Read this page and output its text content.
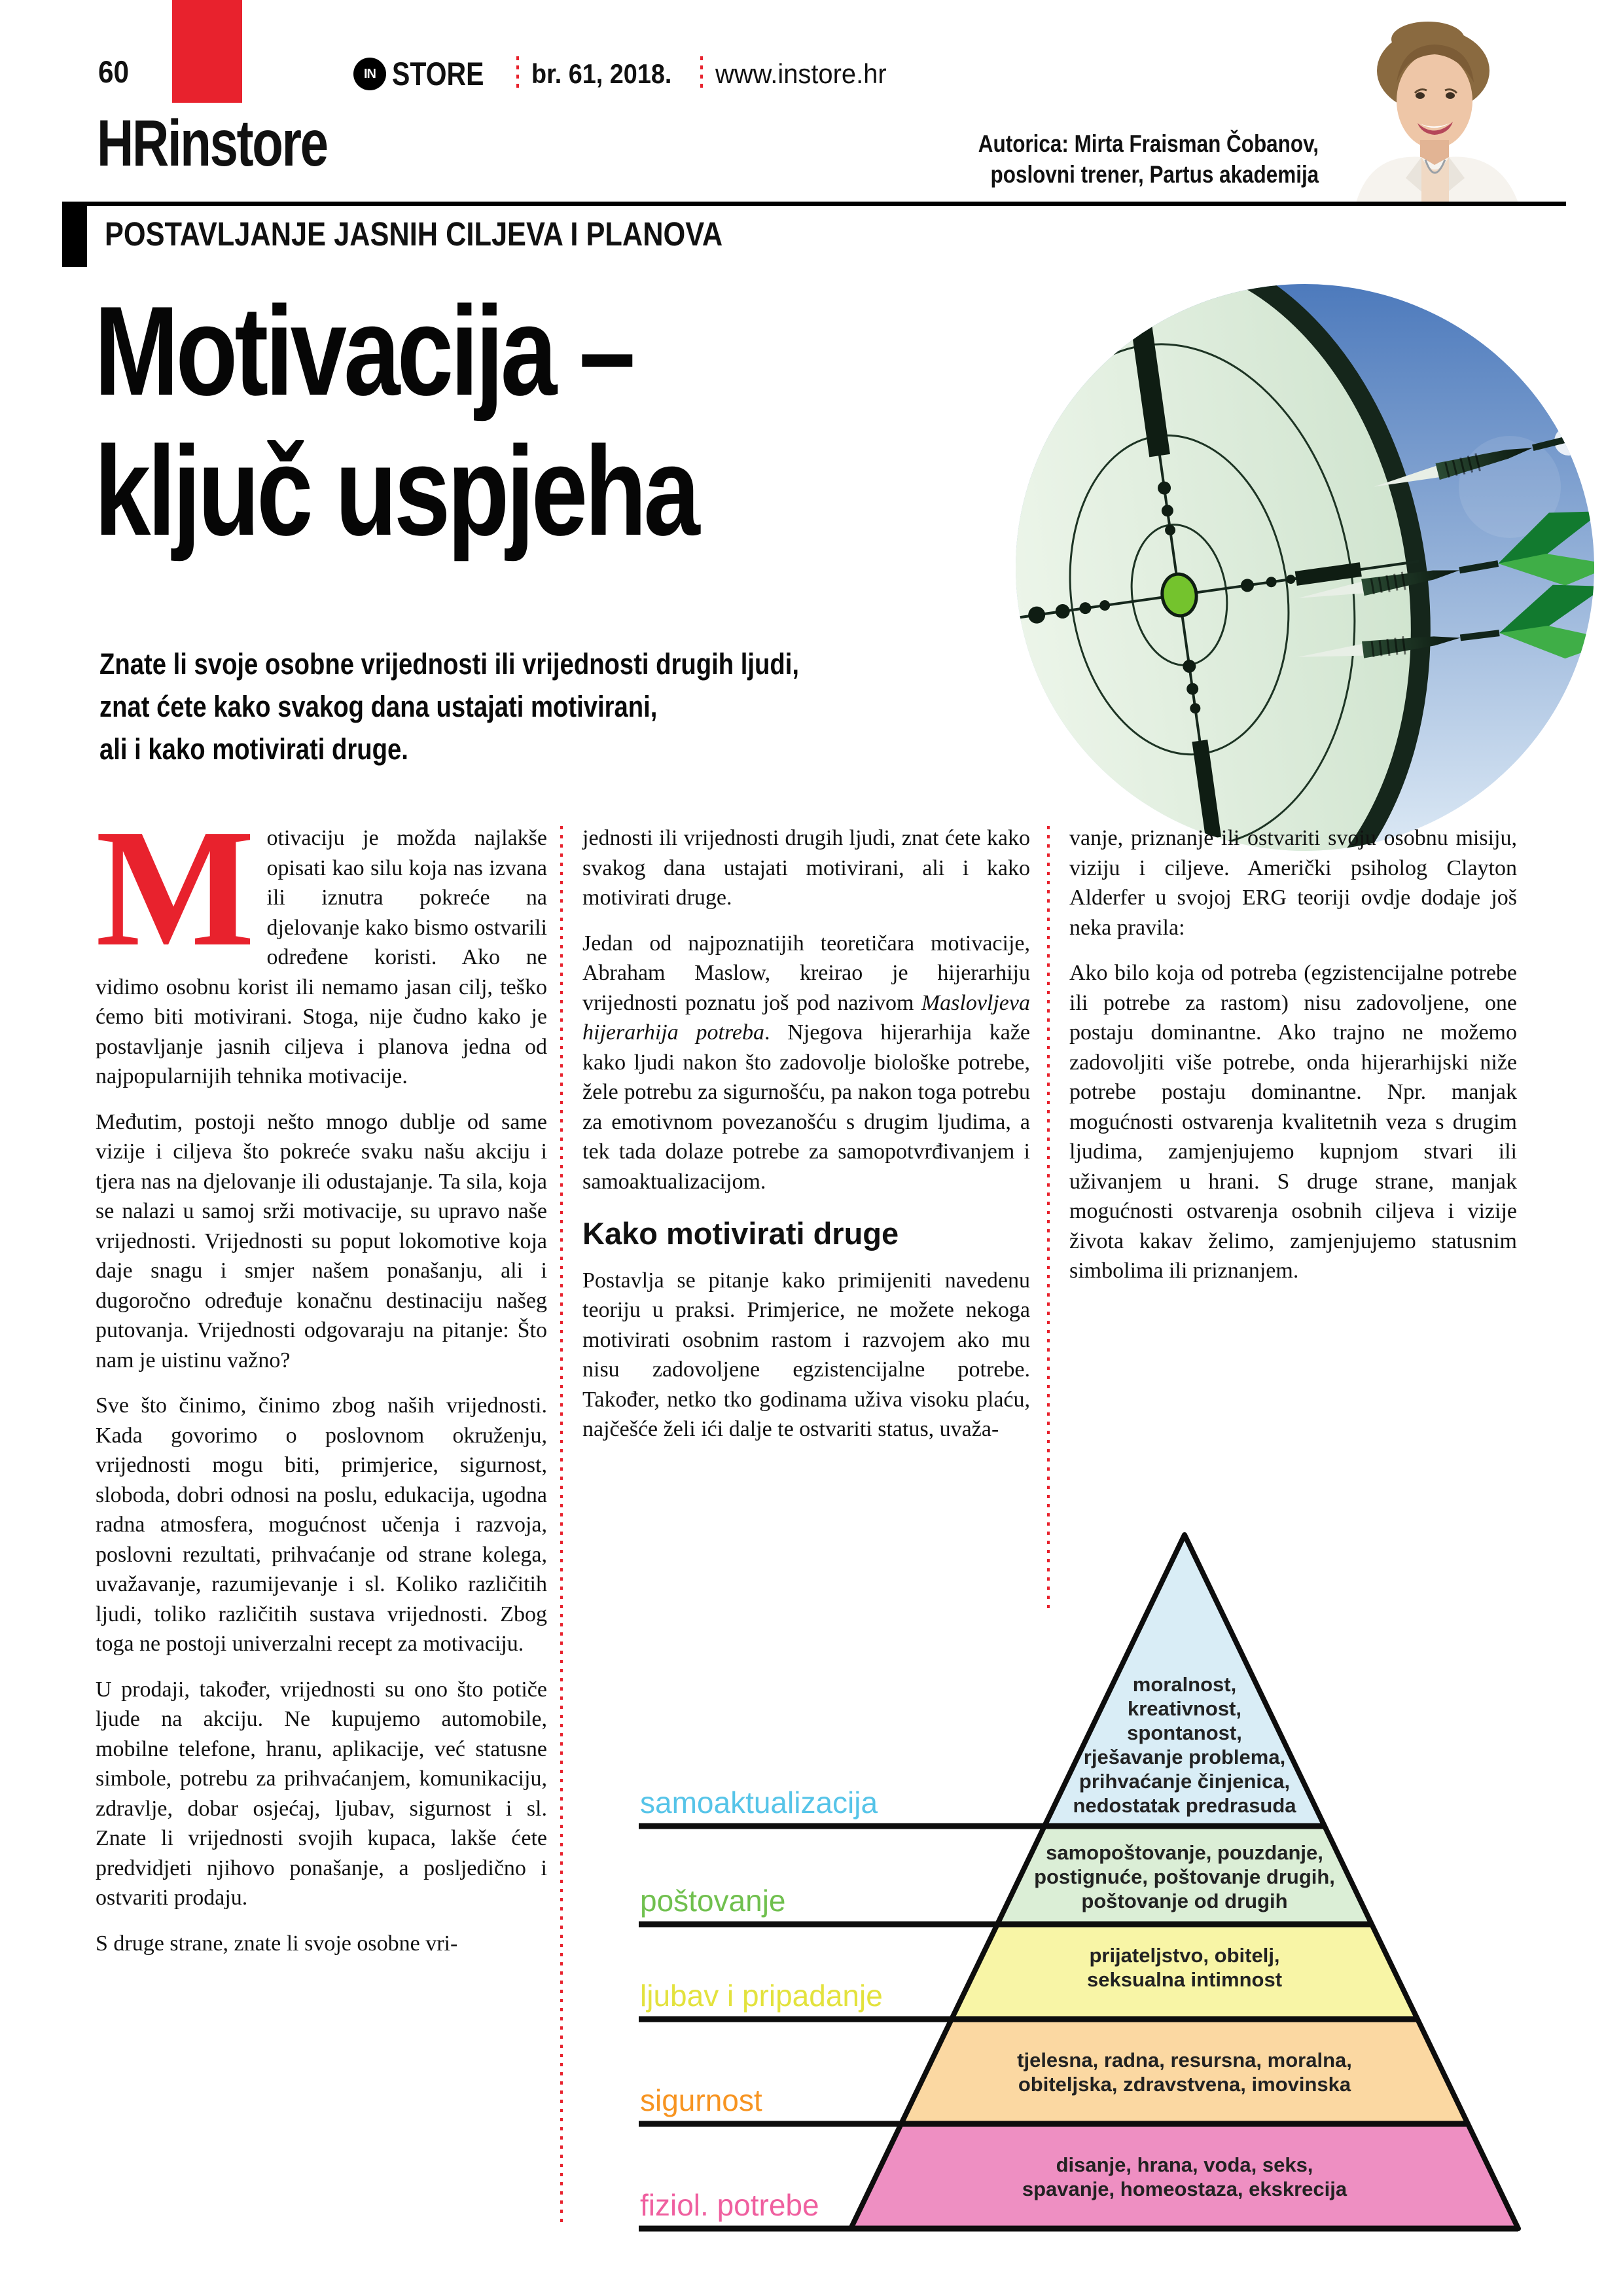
60	IN STORE br. 61, 2018. www.instore.hr
HRinstore	Autorica: Mirta Fraisman Čobanov,
poslovni trener, Partus akademija
POSTAVLJANJE JASNIH CILJEVA I PLANOVA
Motivacija –
ključ uspjeha
Znate li svoje osobne vrijednosti ili vrijednosti drugih ljudi,
znat ćete kako svakog dana ustajati motivirani,
ali i kako motivirati druge.

Motivaciju je možda najlakše opisati kao silu koja nas izvana ili iznutra pokreće na djelovanje kako bismo ostvarili određene koristi. Ako ne vidimo osobnu korist ili nemamo jasan cilj, teško ćemo biti motivirani. Stoga, nije čudno kako je postavljanje jasnih ciljeva i planova jedna od najpopularnijih tehnika motivacije.

Međutim, postoji nešto mnogo dublje od same vizije i ciljeva što pokreće svaku našu akciju i tjera nas na djelovanje ili odustajanje. Ta sila, koja se nalazi u samoj srži motivacije, su upravo naše vrijednosti. Vrijednosti su poput lokomotive koja daje snagu i smjer našem ponašanju, ali i dugoročno određuje konačnu destinaciju našeg putovanja. Vrijednosti odgovaraju na pitanje: Što nam je uistinu važno?

Sve što činimo, činimo zbog naših vrijednosti. Kada govorimo o poslovnom okruženju, vrijednosti mogu biti, primjerice, sigurnost, sloboda, dobri odnosi na poslu, edukacija, ugodna radna atmosfera, mogućnost učenja i razvoja, poslovni rezultati, prihvaćanje od strane kolega, uvažavanje, razumijevanje i sl. Koliko različitih ljudi, toliko različitih sustava vrijednosti. Zbog toga ne postoji univerzalni recept za motivaciju.

U prodaji, također, vrijednosti su ono što potiče ljude na akciju. Ne kupujemo automobile, mobilne telefone, hranu, aplikacije, već statusne simbole, potrebu za prihvaćanjem, komunikaciju, zdravlje, dobar osjećaj, ljubav, sigurnost i sl. Znate li vrijednosti svojih kupaca, lakše ćete predvidjeti njihovo ponašanje, a posljedično i ostvariti prodaju.

S druge strane, znate li svoje osobne vri-

jednosti ili vrijednosti drugih ljudi, znat ćete kako svakog dana ustajati motivirani, ali i kako motivirati druge.

Jedan od najpoznatijih teoretičara motivacije, Abraham Maslow, kreirao je hijerarhiju vrijednosti poznatu još pod nazivom Maslovljeva hijerarhija potreba. Njegova hijerarhija kaže kako ljudi nakon što zadovolje biološke potrebe, žele potrebu za sigurnošću, pa nakon toga potrebu za emotivnom povezanošću s drugim ljudima, a tek tada dolaze potrebe za samopotvrđivanjem i samoaktualizacijom.

Kako motivirati druge

Postavlja se pitanje kako primijeniti navedenu teoriju u praksi. Primjerice, ne možete nekoga motivirati osobnim rastom i razvojem ako mu nisu zadovoljene egzistencijalne potrebe. Također, netko tko godinama uživa visoku plaću, najčešće želi ići dalje te ostvariti status, uvaža-

vanje, priznanje ili ostvariti svoju osobnu misiju, viziju i ciljeve. Američki psiholog Clayton Alderfer u svojoj ERG teoriji ovdje dodaje još neka pravila:

Ako bilo koja od potreba (egzistencijalne potrebe ili potrebe za rastom) nisu zadovoljene, one postaju dominantne. Ako trajno ne možemo zadovoljiti više potrebe, onda hijerarhijski niže potrebe postaju dominantne. Npr. manjak mogućnosti ostvarenja kvalitetnih veza s drugim ljudima, zamjenjujemo kupnjom stvari ili uživanjem u hrani. S druge strane, manjak mogućnosti ostvarenja osobnih ciljeva i vizije života kakav želimo, zamjenjujemo statusnim simbolima ili priznanjem.

samoaktualizacija
poštovanje
ljubav i pripadanje
sigurnost
fiziol. potrebe
moralnost,
kreativnost,
spontanost,
rješavanje problema,
prihvaćanje činjenica,
nedostatak predrasuda
samopoštovanje, pouzdanje,
postignuće, poštovanje drugih,
poštovanje od drugih
prijateljstvo, obitelj,
seksualna intimnost
tjelesna, radna, resursna, moralna,
obiteljska, zdravstvena, imovinska
disanje, hrana, voda, seks,
spavanje, homeostaza, ekskrecija
